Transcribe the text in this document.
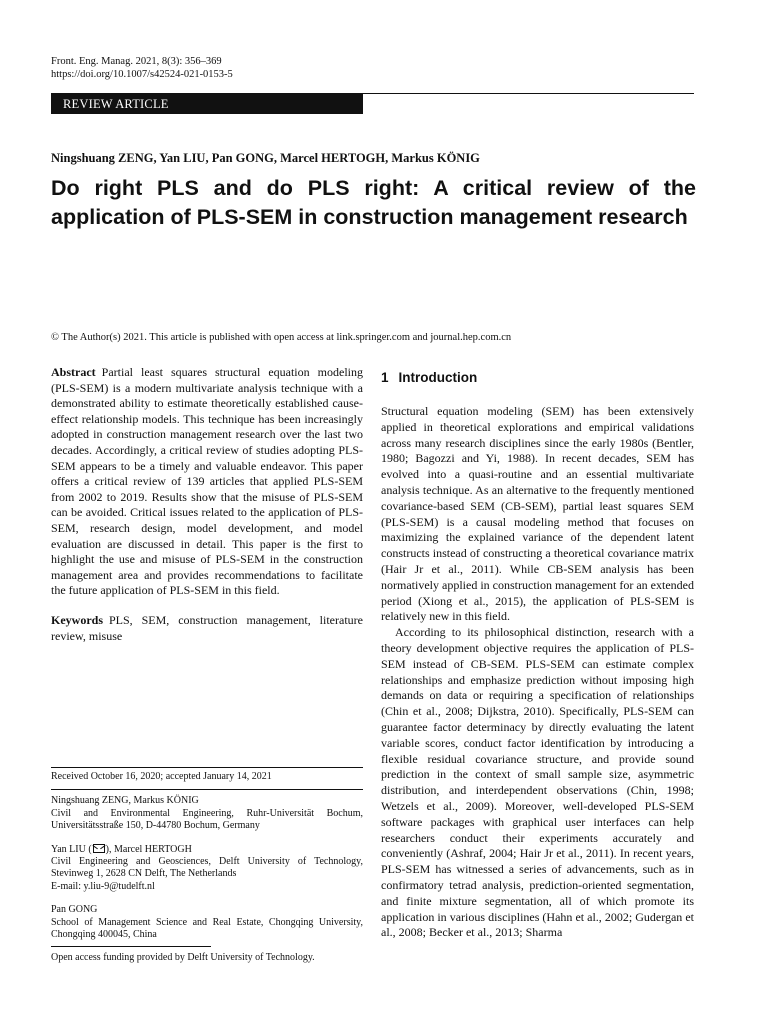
Front. Eng. Manag. 2021, 8(3): 356–369
https://doi.org/10.1007/s42524-021-0153-5
REVIEW ARTICLE
Ningshuang ZENG, Yan LIU, Pan GONG, Marcel HERTOGH, Markus KÖNIG
Do right PLS and do PLS right: A critical review of the application of PLS-SEM in construction management research
© The Author(s) 2021. This article is published with open access at link.springer.com and journal.hep.com.cn

Abstract Partial least squares structural equation modeling (PLS-SEM) is a modern multivariate analysis technique with a demonstrated ability to estimate theoretically established cause-effect relationship models. This technique has been increasingly adopted in construction management research over the last two decades. Accordingly, a critical review of studies adopting PLS-SEM appears to be a timely and valuable endeavor. This paper offers a critical review of 139 articles that applied PLS-SEM from 2002 to 2019. Results show that the misuse of PLS-SEM can be avoided. Critical issues related to the application of PLS-SEM, research design, model development, and model evaluation are discussed in detail. This paper is the first to highlight the use and misuse of PLS-SEM in the construction management area and provides recommendations to facilitate the future application of PLS-SEM in this field.

Keywords PLS, SEM, construction management, literature review, misuse

Received October 16, 2020; accepted January 14, 2021

Ningshuang ZENG, Markus KÖNIG

Civil and Environmental Engineering, Ruhr-Universität Bochum, Universitätsstraße 150, D-44780 Bochum, Germany

Yan LIU ( ), Marcel HERTOGH

Civil Engineering and Geosciences, Delft University of Technology, Stevinweg 1, 2628 CN Delft, The Netherlands

E-mail: y.liu-9@tudelft.nl

Pan GONG

School of Management Science and Real Estate, Chongqing University, Chongqing 400045, China

Open access funding provided by Delft University of Technology.

1 Introduction

Structural equation modeling (SEM) has been extensively applied in theoretical explorations and empirical validations across many research disciplines since the early 1980s (Bentler, 1980; Bagozzi and Yi, 1988). In recent decades, SEM has evolved into a quasi-routine and an essential multivariate analysis technique. As an alternative to the frequently mentioned covariance-based SEM (CB-SEM), partial least squares SEM (PLS-SEM) is a causal modeling method that focuses on maximizing the explained variance of the dependent latent constructs instead of constructing a theoretical covariance matrix (Hair Jr et al., 2011). While CB-SEM analysis has been normatively applied in construction management for an extended period (Xiong et al., 2015), the application of PLS-SEM is relatively new in this field.

According to its philosophical distinction, research with a theory development objective requires the application of PLS-SEM instead of CB-SEM. PLS-SEM can estimate complex relationships and emphasize prediction without imposing high demands on data or requiring a specification of relationships (Chin et al., 2008; Dijkstra, 2010). Specifically, PLS-SEM can guarantee factor determinacy by directly evaluating the latent variable scores, conduct factor identification by introducing a flexible residual covariance structure, and provide sound prediction in the context of small sample size, asymmetric distribution, and interdependent observations (Chin, 1998; Wetzels et al., 2009). Moreover, well-developed PLS-SEM software packages with graphical user interfaces can help researchers conduct their experiments accurately and conveniently (Ashraf, 2004; Hair Jr et al., 2011). In recent years, PLS-SEM has witnessed a series of advancements, such as in confirmatory tetrad analysis, prediction-oriented segmentation, and finite mixture segmentation, all of which promote its application in various disciplines (Hahn et al., 2002; Gudergan et al., 2008; Becker et al., 2013; Sharma
